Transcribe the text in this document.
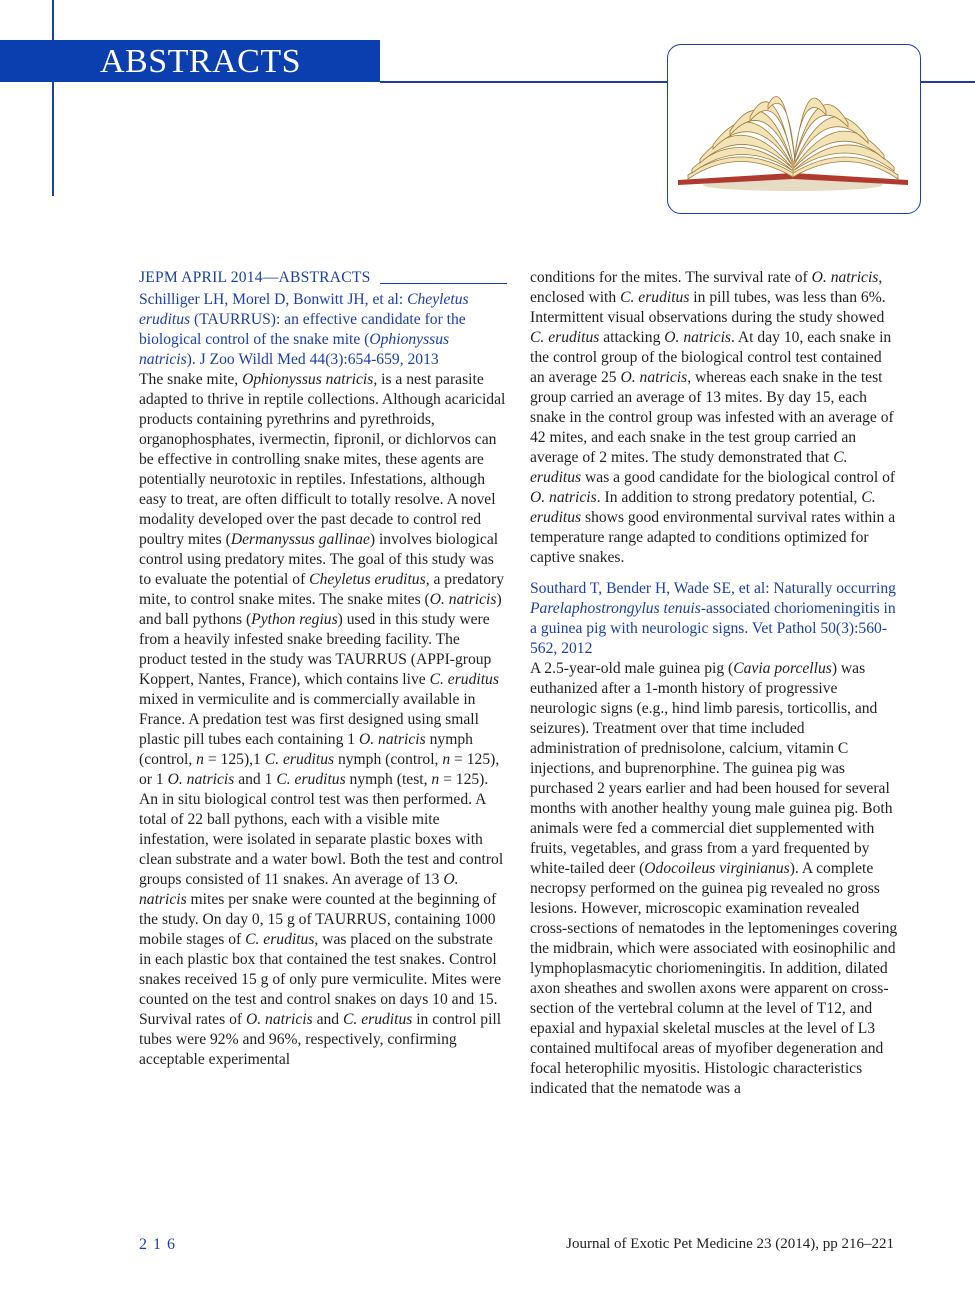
ABSTRACTS
JEPM APRIL 2014—ABSTRACTS

Schilliger LH, Morel D, Bonwitt JH, et al: Cheyletus eruditus (TAURRUS): an effective candidate for the biological control of the snake mite (Ophionyssus natricis). J Zoo Wildl Med 44(3):654-659, 2013

The snake mite, Ophionyssus natricis, is a nest parasite adapted to thrive in reptile collections. Although acaricidal products containing pyrethrins and pyrethroids, organophosphates, ivermectin, fipronil, or dichlorvos can be effective in controlling snake mites, these agents are potentially neurotoxic in reptiles. Infestations, although easy to treat, are often difficult to totally resolve. A novel modality developed over the past decade to control red poultry mites (Dermanyssus gallinae) involves biological control using predatory mites. The goal of this study was to evaluate the potential of Cheyletus eruditus, a predatory mite, to control snake mites. The snake mites (O. natricis) and ball pythons (Python regius) used in this study were from a heavily infested snake breeding facility. The product tested in the study was TAURRUS (APPI-group Koppert, Nantes, France), which contains live C. eruditus mixed in vermiculite and is commercially available in France. A predation test was first designed using small plastic pill tubes each containing 1 O. natricis nymph (control, n = 125),1 C. eruditus nymph (control, n = 125), or 1 O. natricis and 1 C. eruditus nymph (test, n = 125). An in situ biological control test was then performed. A total of 22 ball pythons, each with a visible mite infestation, were isolated in separate plastic boxes with clean substrate and a water bowl. Both the test and control groups consisted of 11 snakes. An average of 13 O. natricis mites per snake were counted at the beginning of the study. On day 0, 15 g of TAURRUS, containing 1000 mobile stages of C. eruditus, was placed on the substrate in each plastic box that contained the test snakes. Control snakes received 15 g of only pure vermiculite. Mites were counted on the test and control snakes on days 10 and 15. Survival rates of O. natricis and C. eruditus in control pill tubes were 92% and 96%, respectively, confirming acceptable experimental

conditions for the mites. The survival rate of O. natricis, enclosed with C. eruditus in pill tubes, was less than 6%. Intermittent visual observations during the study showed C. eruditus attacking O. natricis. At day 10, each snake in the control group of the biological control test contained an average 25 O. natricis, whereas each snake in the test group carried an average of 13 mites. By day 15, each snake in the control group was infested with an average of 42 mites, and each snake in the test group carried an average of 2 mites. The study demonstrated that C. eruditus was a good candidate for the biological control of O. natricis. In addition to strong predatory potential, C. eruditus shows good environmental survival rates within a temperature range adapted to conditions optimized for captive snakes.

Southard T, Bender H, Wade SE, et al: Naturally occurring Parelaphostrongylus tenuis-associated choriomeningitis in a guinea pig with neurologic signs. Vet Pathol 50(3):560-562, 2012

A 2.5-year-old male guinea pig (Cavia porcellus) was euthanized after a 1-month history of progressive neurologic signs (e.g., hind limb paresis, torticollis, and seizures). Treatment over that time included administration of prednisolone, calcium, vitamin C injections, and buprenorphine. The guinea pig was purchased 2 years earlier and had been housed for several months with another healthy young male guinea pig. Both animals were fed a commercial diet supplemented with fruits, vegetables, and grass from a yard frequented by white-tailed deer (Odocoileus virginianus). A complete necropsy performed on the guinea pig revealed no gross lesions. However, microscopic examination revealed cross-sections of nematodes in the leptomeninges covering the midbrain, which were associated with eosinophilic and lymphoplasmacytic choriomeningitis. In addition, dilated axon sheathes and swollen axons were apparent on cross-section of the vertebral column at the level of T12, and epaxial and hypaxial skeletal muscles at the level of L3 contained multifocal areas of myofiber degeneration and focal heterophilic myositis. Histologic characteristics indicated that the nematode was a

216	Journal of Exotic Pet Medicine 23 (2014), pp 216–221
